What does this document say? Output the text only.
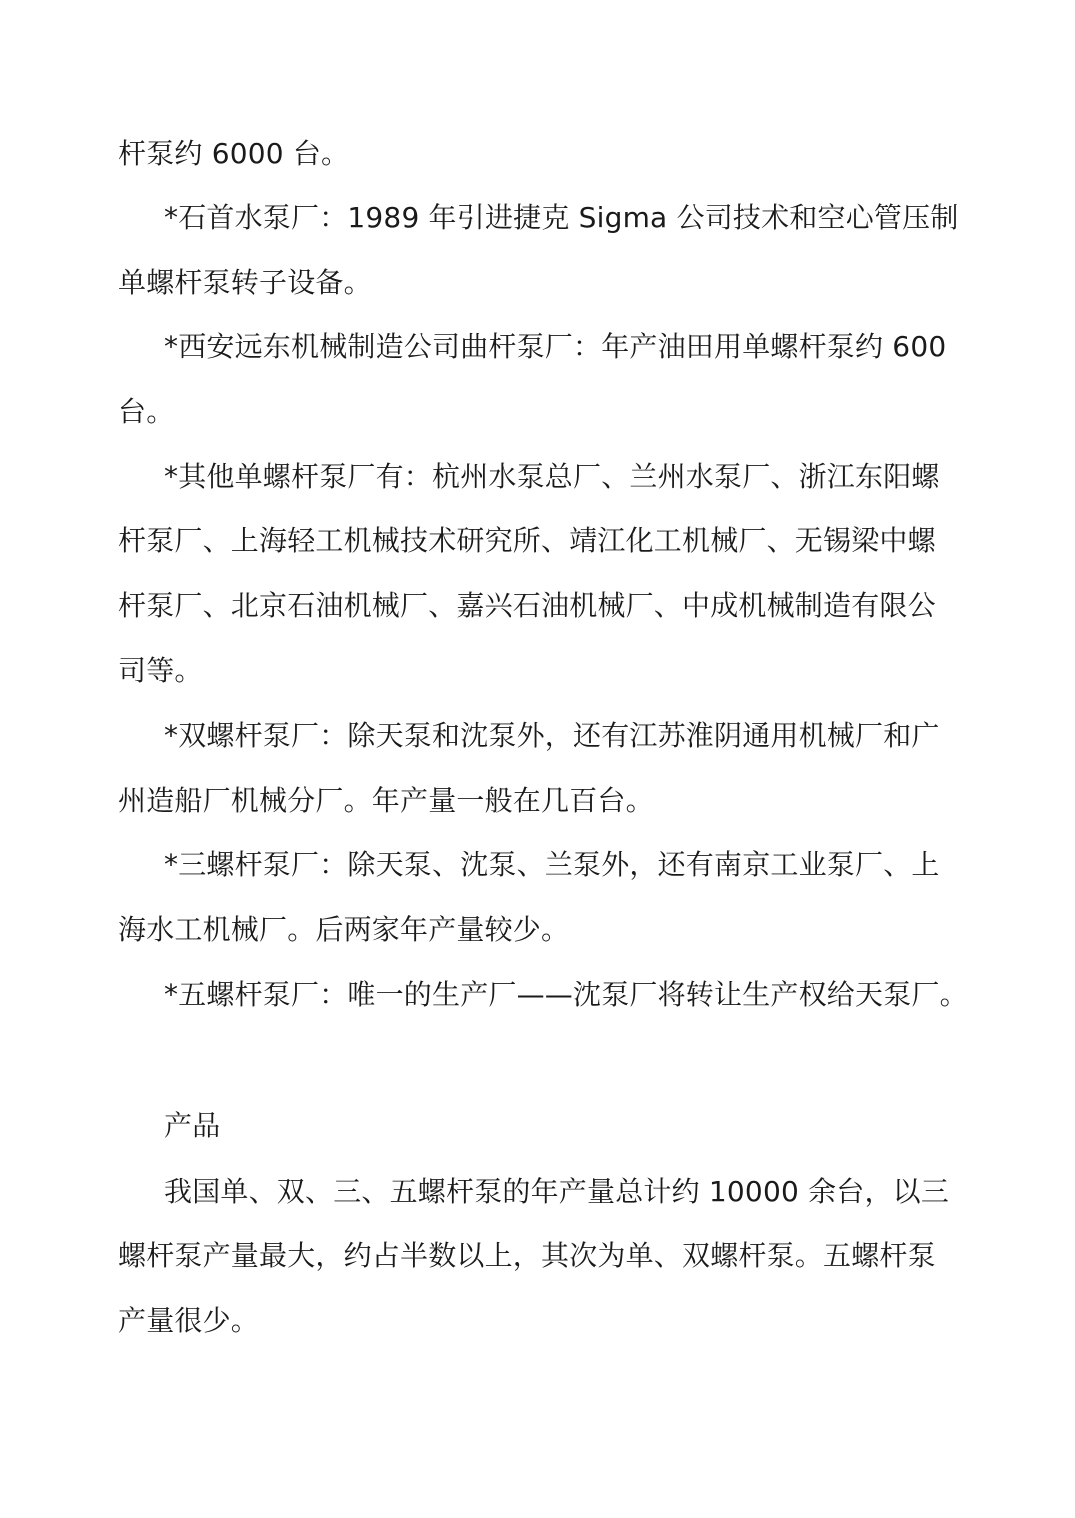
杆泵约 6000 台。
*石首水泵厂：1989 年引进捷克 Sigma 公司技术和空心管压制
单螺杆泵转子设备。
*西安远东机械制造公司曲杆泵厂：年产油田用单螺杆泵约 600
台。
*其他单螺杆泵厂有：杭州水泵总厂、兰州水泵厂、浙江东阳螺
杆泵厂、上海轻工机械技术研究所、靖江化工机械厂、无锡梁中螺
杆泵厂、北京石油机械厂、嘉兴石油机械厂、中成机械制造有限公
司等。
*双螺杆泵厂：除天泵和沈泵外，还有江苏淮阴通用机械厂和广
州造船厂机械分厂。年产量一般在几百台。
*三螺杆泵厂：除天泵、沈泵、兰泵外，还有南京工业泵厂、上
海水工机械厂。后两家年产量较少。
*五螺杆泵厂：唯一的生产厂——沈泵厂将转让生产权给天泵厂。
产品
我国单、双、三、五螺杆泵的年产量总计约 10000 余台，以三
螺杆泵产量最大，约占半数以上，其次为单、双螺杆泵。五螺杆泵
产量很少。
